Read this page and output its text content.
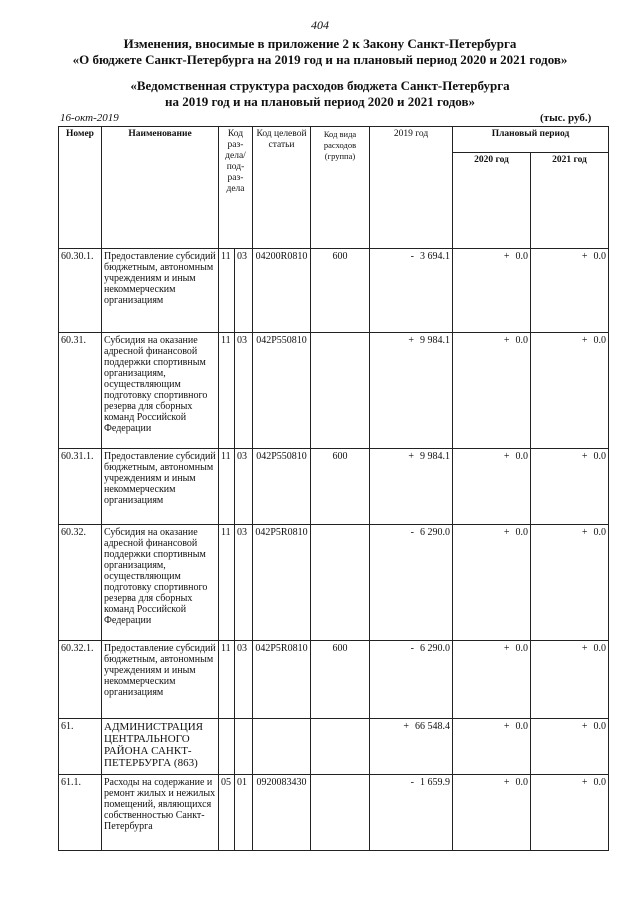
404
Изменения, вносимые в приложение 2 к Закону Санкт-Петербурга
«О бюджете Санкт-Петербурга на 2019 год и на плановый период 2020 и 2021 годов»
«Ведомственная структура расходов бюджета Санкт-Петербурга
на 2019 год и на плановый период 2020 и 2021 годов»
16-окт-2019	(тыс. руб.)
Номер	Наименование	Код раз-дела/ под-раз-дела		Код целевой статьи	Код вида расходов (группа)	2019 год	Плановый период	
							2020 год	2021 год
60.30.1.	Предоставление субсидий бюджетным, автономным учреждениям и иным некоммерческим организациям	11	03	04200R0810	600	- 3 694.1	+ 0.0	+ 0.0
60.31.	Субсидия на оказание адресной финансовой поддержки спортивным организациям, осуществляющим подготовку спортивного резерва для сборных команд Российской Федерации	11	03	042P550810		+ 9 984.1	+ 0.0	+ 0.0
60.31.1.	Предоставление субсидий бюджетным, автономным учреждениям и иным некоммерческим организациям	11	03	042P550810	600	+ 9 984.1	+ 0.0	+ 0.0
60.32.	Субсидия на оказание адресной финансовой поддержки спортивным организациям, осуществляющим подготовку спортивного резерва для сборных команд Российской Федерации	11	03	042P5R0810		- 6 290.0	+ 0.0	+ 0.0
60.32.1.	Предоставление субсидий бюджетным, автономным учреждениям и иным некоммерческим организациям	11	03	042P5R0810	600	- 6 290.0	+ 0.0	+ 0.0
61.	АДМИНИСТРАЦИЯ ЦЕНТРАЛЬНОГО РАЙОНА САНКТ-ПЕТЕРБУРГА (863)					+ 66 548.4	+ 0.0	+ 0.0
61.1.	Расходы на содержание и ремонт жилых и нежилых помещений, являющихся собственностью Санкт-Петербурга	05	01	0920083430		- 1 659.9	+ 0.0	+ 0.0
